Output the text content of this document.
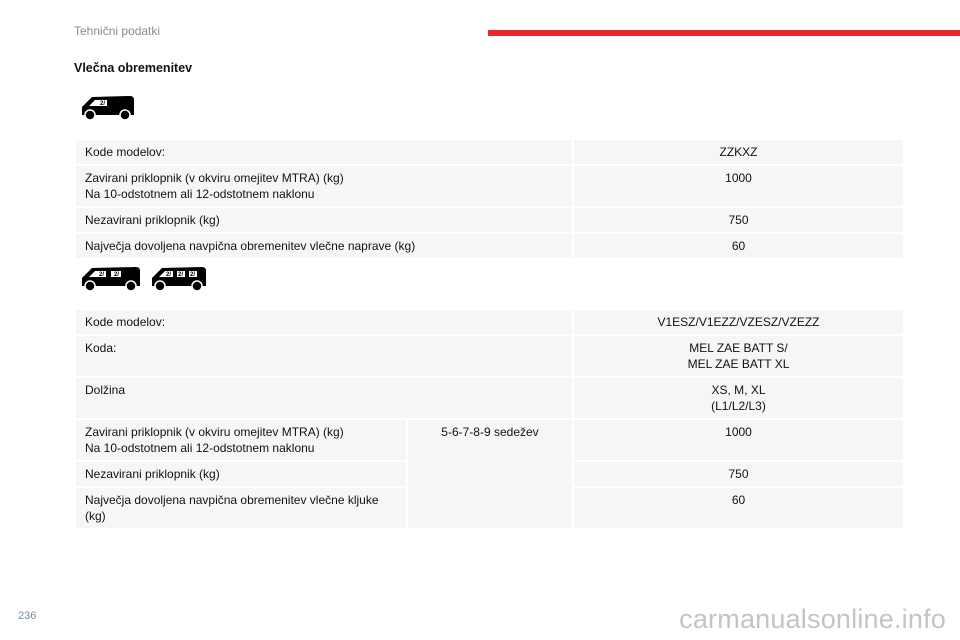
Tehnični podatki
Vlečna obremenitev
2/
2/ 2/	2/ 2/ 2/
Kode modelov:	ZZKXZ

Zavirani priklopnik (v okviru omejitev MTRA) (kg)
Na 10-odstotnem ali 12-odstotnem naklonu	1000

Nezavirani priklopnik (kg)	750

Največja dovoljena navpična obremenitev vlečne naprave (kg)	60
Kode modelov:		V1ESZ/V1EZZ/VZESZ/VZEZZ

Koda:		MEL ZAE BATT S/
MEL ZAE BATT XL

Dolžina		XS, M, XL
(L1/L2/L3)

Zavirani priklopnik (v okviru omejitev MTRA) (kg)
Na 10-odstotnem ali 12-odstotnem naklonu	5-6-7-8-9 sedežev	1000

Nezavirani priklopnik (kg)		750

Največja dovoljena navpična obremenitev vlečne kljuke
(kg)		60
236	carmanualsonline.info
